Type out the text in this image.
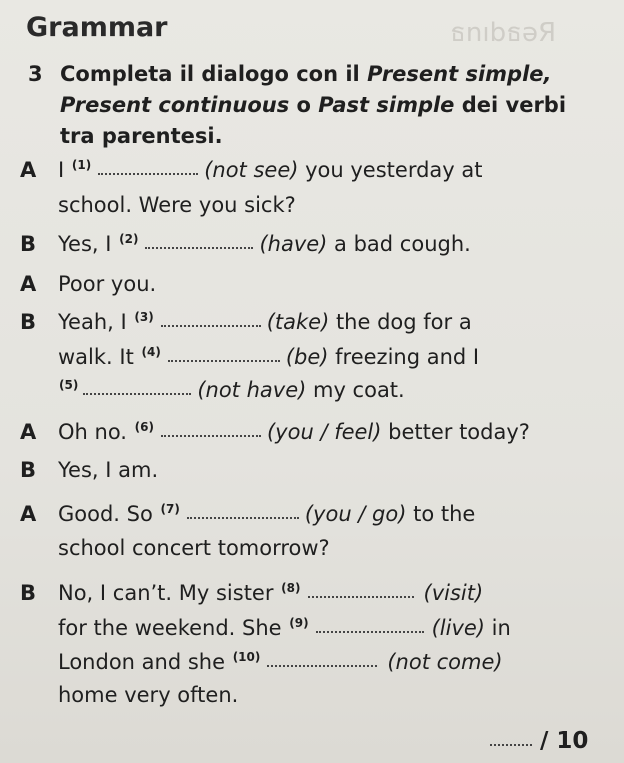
ธnıbธəЯ
Grammar
3 Completa il dialogo con il Present simple, Present continuous o Past simple dei verbi tra parentesi.
A I $^{(1)}$	(not see) you yesterday at
school. Were you sick?
B Yes, I $^{(2)}$	(have) a bad cough.
A Poor you.
B Yeah, I $^{(3)}$	(take) the dog for a
walk. It $^{(4)}$	(be) freezing and I
$^{(5)}$	(not have) my coat.
A Oh no. $^{(6)}$	(you / feel) better today?
B Yes, I am.
A Good. So $^{(7)}$	(you / go) to the
school concert tomorrow?
B No, I can’t. My sister $^{(8)}$	(visit)
for the weekend. She $^{(9)}$	(live) in
London and she $^{(10)}$	(not come)
home very often.
/ 10
